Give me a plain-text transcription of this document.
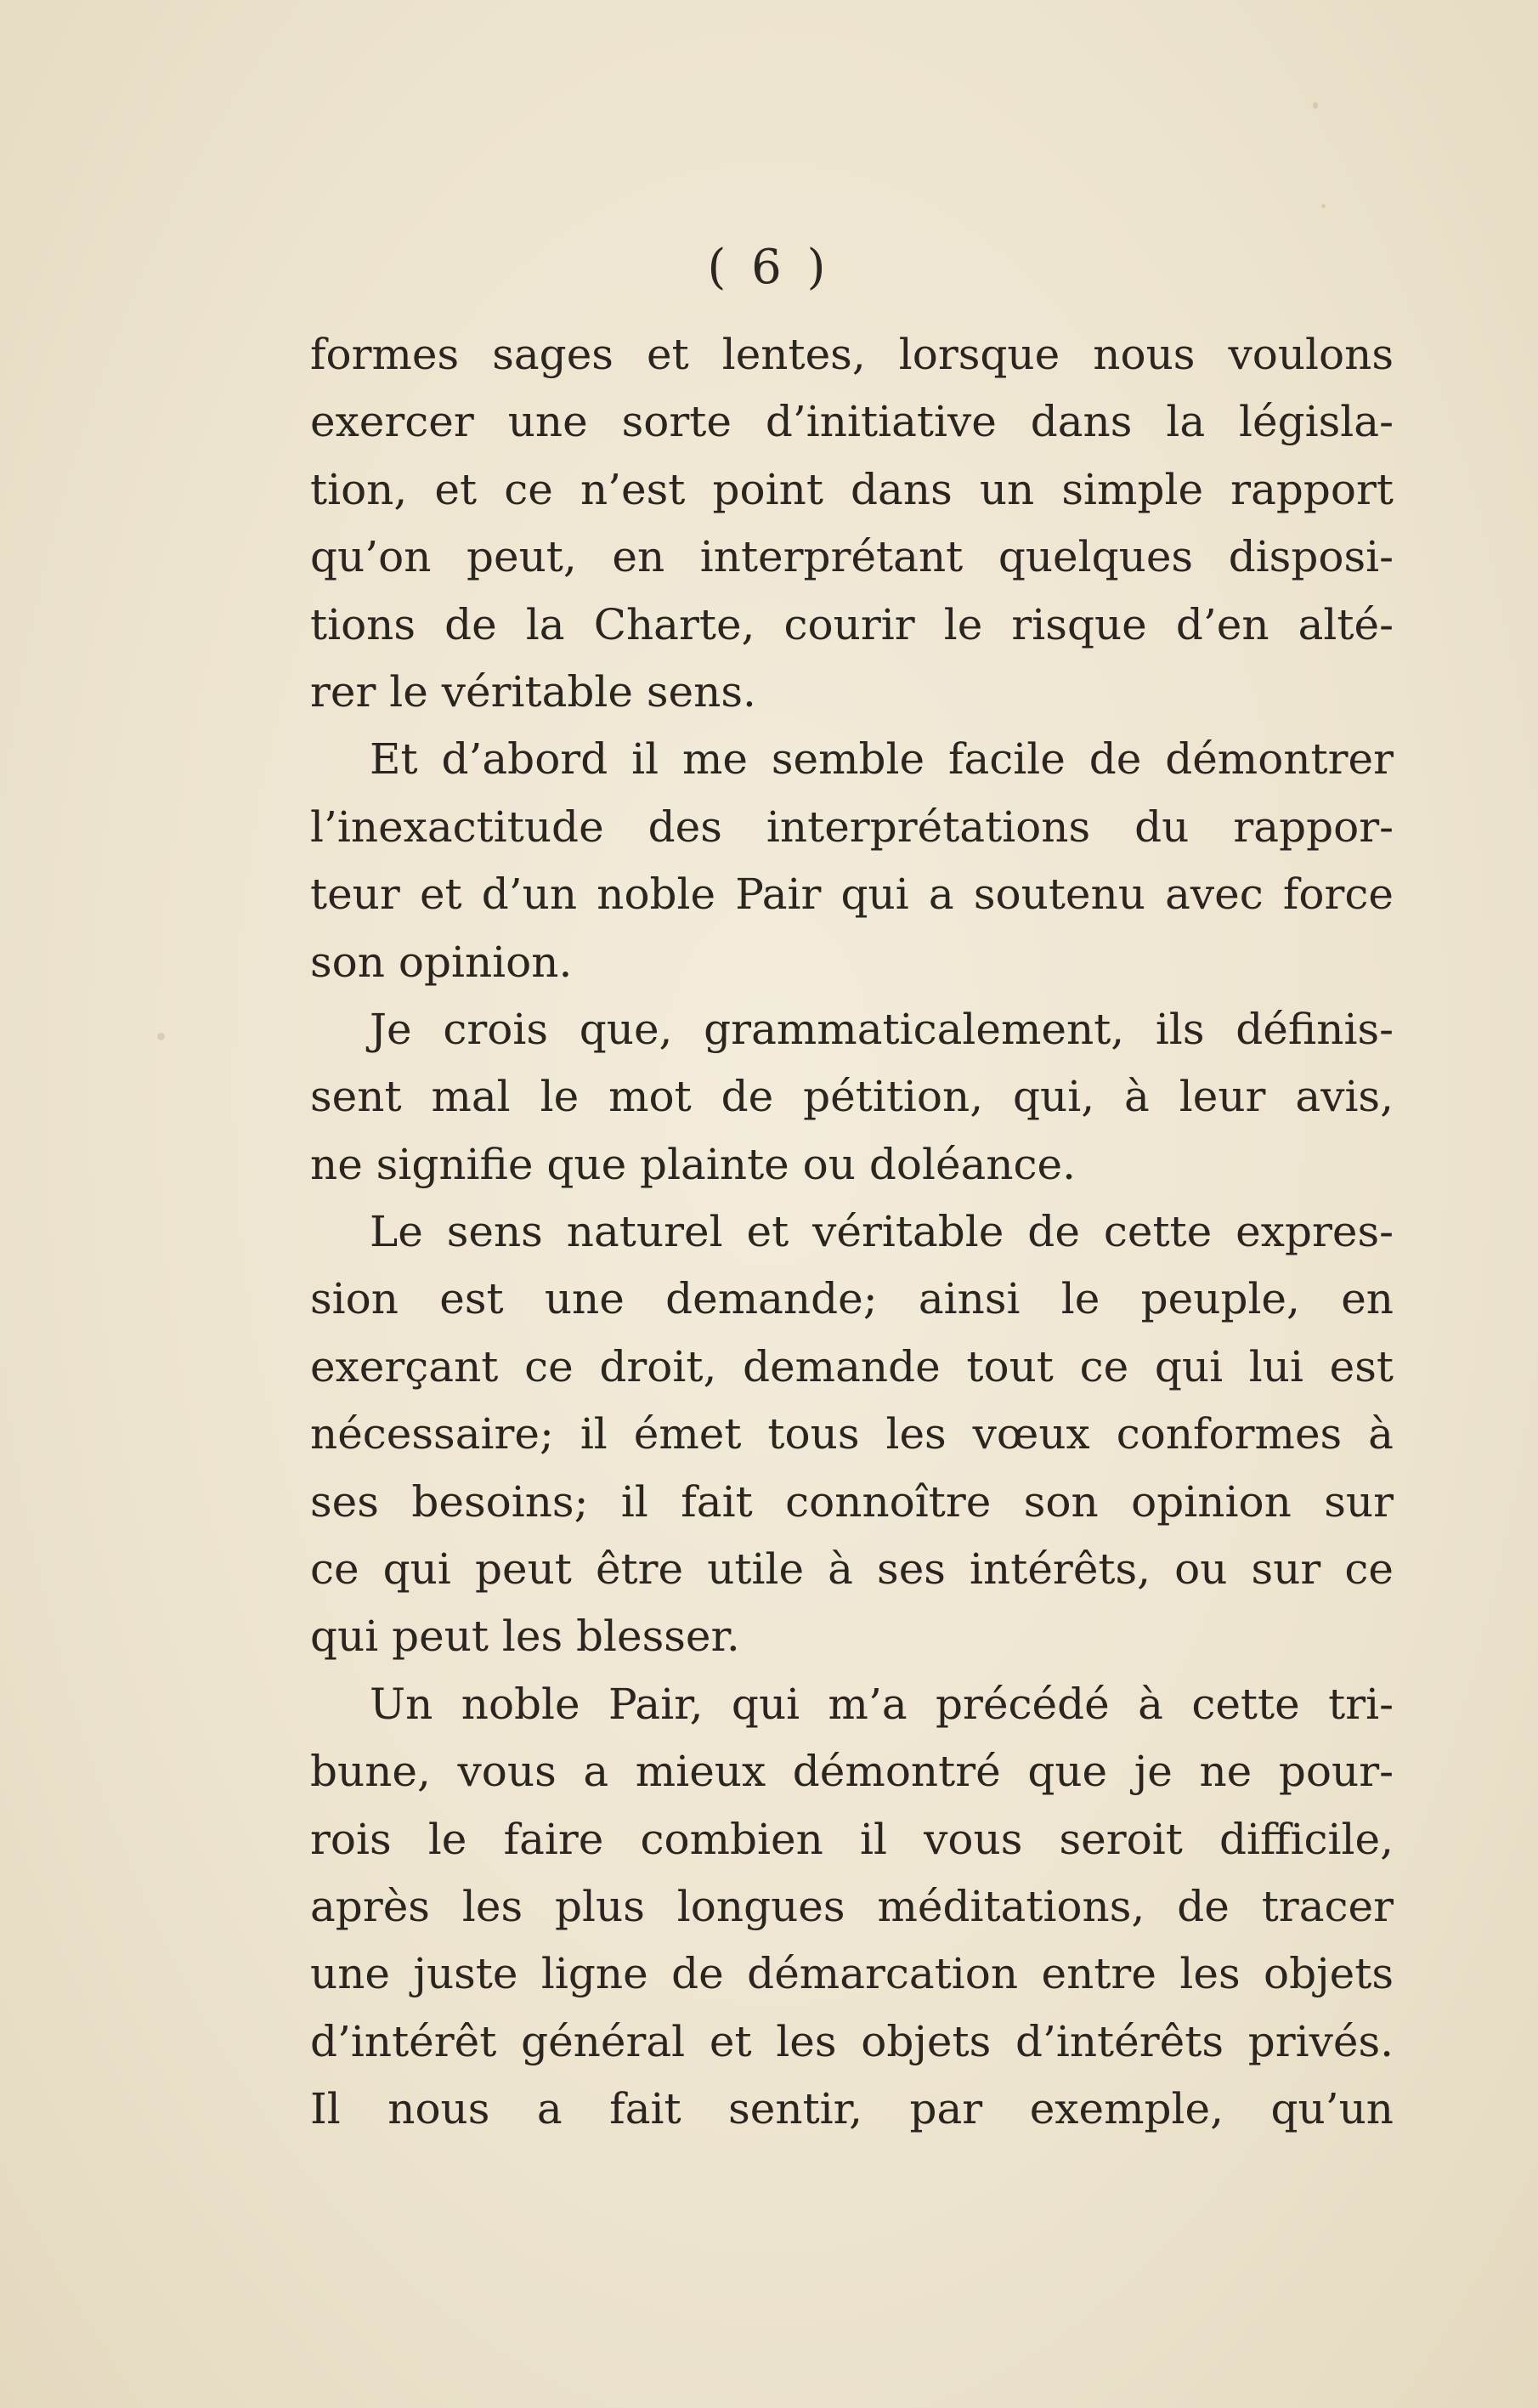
( 6 )
formes sages et lentes, lorsque nous voulons
exercer une sorte d’initiative dans la législa-
tion, et ce n’est point dans un simple rapport
qu’on peut, en interprétant quelques disposi-
tions de la Charte, courir le risque d’en alté-
rer le véritable sens.
Et d’abord il me semble facile de démontrer
l’inexactitude des interprétations du rappor-
teur et d’un noble Pair qui a soutenu avec force
son opinion.
Je crois que, grammaticalement, ils définis-
sent mal le mot de pétition, qui, à leur avis,
ne signifie que plainte ou doléance.
Le sens naturel et véritable de cette expres-
sion est une demande; ainsi le peuple, en
exerçant ce droit, demande tout ce qui lui est
nécessaire; il émet tous les vœux conformes à
ses besoins; il fait connoître son opinion sur
ce qui peut être utile à ses intérêts, ou sur ce
qui peut les blesser.
Un noble Pair, qui m’a précédé à cette tri-
bune, vous a mieux démontré que je ne pour-
rois le faire combien il vous seroit difficile,
après les plus longues méditations, de tracer
une juste ligne de démarcation entre les objets
d’intérêt général et les objets d’intérêts privés.
Il nous a fait sentir, par exemple, qu’un
